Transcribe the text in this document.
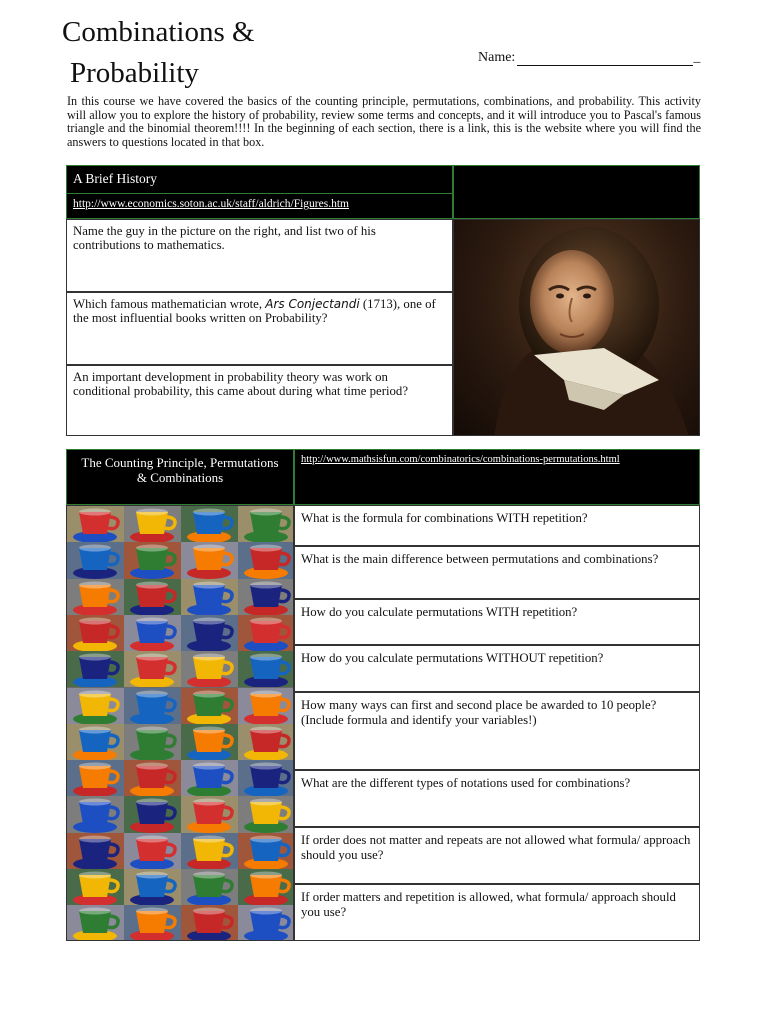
Combinations &
Probability	Name:	_
In this course we have covered the basics of the counting principle, permutations, combinations, and probability. This activity will allow you to explore the history of probability, review some terms and concepts, and it will introduce you to Pascal's famous triangle and the binomial theorem!!!! In the beginning of each section, there is a link, this is the website where you will find the answers to questions located in that box.
A Brief History
http://www.economics.soton.ac.uk/staff/aldrich/Figures.htm
Name the guy in the picture on the right, and list two of his contributions to mathematics.
Which famous mathematician wrote, Ars Conjectandi (1713), one of the most influential books written on Probability?
An important development in probability theory was work on conditional probability, this came about during what time period?
The Counting Principle, Permutations & Combinations
http://www.mathsisfun.com/combinatorics/combinations-permutations.html
What is the formula for combinations WITH repetition?
What is the main difference between permutations and combinations?
How do you calculate permutations WITH repetition?
How do you calculate permutations WITHOUT repetition?
How many ways can first and second place be awarded to 10 people? (Include formula and identify your variables!)
What are the different types of notations used for combinations?
If order does not matter and repeats are not allowed what formula/ approach should you use?
If order matters and repetition is allowed, what formula/ approach should you use?
